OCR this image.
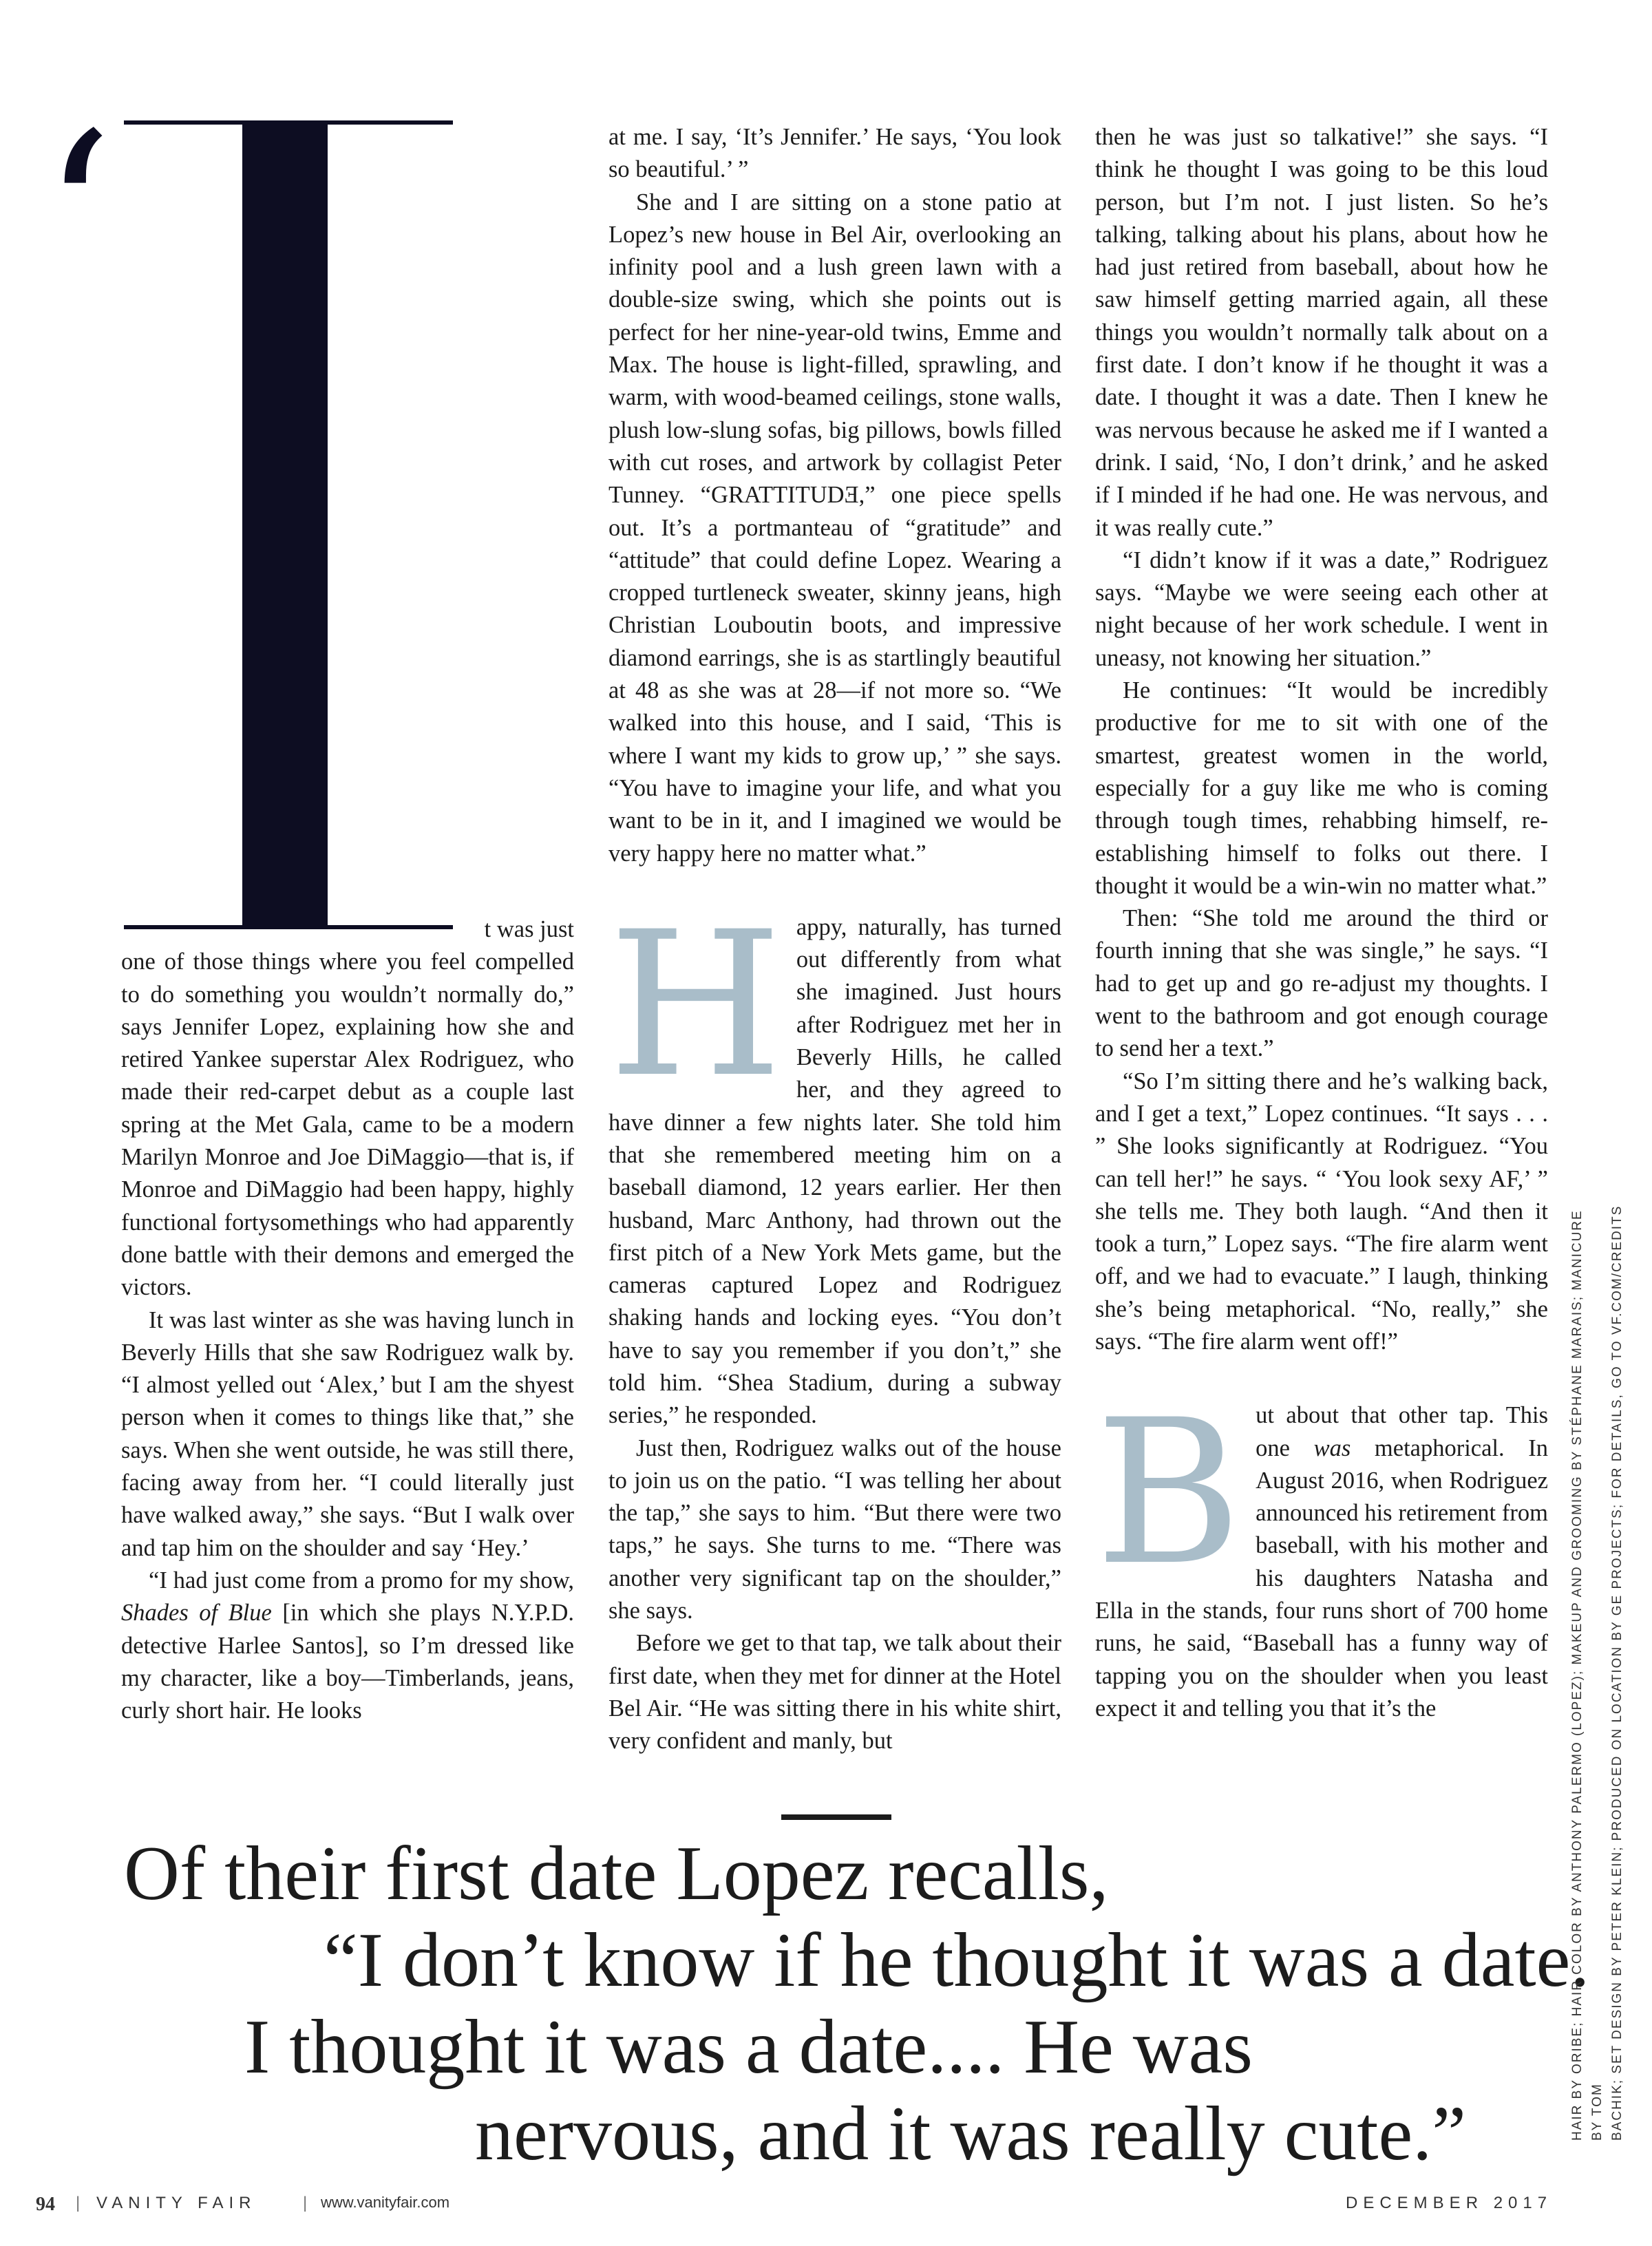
‘

t was just

one of those things where you feel compelled to do something you wouldn’t normally do,” says Jennifer Lopez, explaining how she and retired Yankee superstar Alex Rodriguez, who made their red-carpet debut as a couple last spring at the Met Gala, came to be a modern Marilyn Monroe and Joe DiMaggio—that is, if Monroe and DiMaggio had been happy, highly functional fortysomethings who had apparently done battle with their demons and emerged the victors.

It was last winter as she was having lunch in Beverly Hills that she saw Rodriguez walk by. “I almost yelled out ‘Alex,’ but I am the shyest person when it comes to things like that,” she says. When she went outside, he was still there, facing away from her. “I could literally just have walked away,” she says. “But I walk over and tap him on the shoulder and say ‘Hey.’

“I had just come from a promo for my show, Shades of Blue [in which she plays N.Y.P.D. detective Harlee Santos], so I’m dressed like my character, like a boy—Timberlands, jeans, curly short hair. He looks

at me. I say, ‘It’s Jennifer.’ He says, ‘You look so beautiful.’ ”

She and I are sitting on a stone patio at Lopez’s new house in Bel Air, overlooking an infinity pool and a lush green lawn with a double-size swing, which she points out is perfect for her nine-year-old twins, Emme and Max. The house is light-filled, sprawling, and warm, with wood-beamed ceilings, stone walls, plush low-slung sofas, big pillows, bowls filled with cut roses, and artwork by collagist Peter Tunney. “GRATTITUDƎ,” one piece spells out. It’s a portmanteau of “gratitude” and “attitude” that could define Lopez. Wearing a cropped turtleneck sweater, skinny jeans, high Christian Louboutin boots, and impressive diamond earrings, she is as startlingly beautiful at 48 as she was at 28—if not more so. “We walked into this house, and I said, ‘This is where I want my kids to grow up,’ ” she says. “You have to imagine your life, and what you want to be in it, and I imagined we would be very happy here no matter what.”

Happy, naturally, has turned out differently from what she imagined. Just hours after Rodriguez met her in Beverly Hills, he called her, and they agreed to have dinner a few nights later. She told him that she remembered meeting him on a baseball diamond, 12 years earlier. Her then husband, Marc Anthony, had thrown out the first pitch of a New York Mets game, but the cameras captured Lopez and Rodriguez shaking hands and locking eyes. “You don’t have to say you remember if you don’t,” she told him. “Shea Stadium, during a subway series,” he responded.

Just then, Rodriguez walks out of the house to join us on the patio. “I was telling her about the tap,” she says to him. “But there were two taps,” he says. She turns to me. “There was another very significant tap on the shoulder,” she says.

Before we get to that tap, we talk about their first date, when they met for dinner at the Hotel Bel Air. “He was sitting there in his white shirt, very confident and manly, but

then he was just so talkative!” she says. “I think he thought I was going to be this loud person, but I’m not. I just listen. So he’s talking, talking about his plans, about how he had just retired from baseball, about how he saw himself getting married again, all these things you wouldn’t normally talk about on a first date. I don’t know if he thought it was a date. I thought it was a date. Then I knew he was nervous because he asked me if I wanted a drink. I said, ‘No, I don’t drink,’ and he asked if I minded if he had one. He was nervous, and it was really cute.”

“I didn’t know if it was a date,” Rodriguez says. “Maybe we were seeing each other at night because of her work schedule. I went in uneasy, not knowing her situation.”

He continues: “It would be incredibly productive for me to sit with one of the smartest, greatest women in the world, especially for a guy like me who is coming through tough times, rehabbing himself, re-establishing himself to folks out there. I thought it would be a win-win no matter what.”

Then: “She told me around the third or fourth inning that she was single,” he says. “I had to get up and go re-adjust my thoughts. I went to the bathroom and got enough courage to send her a text.”

“So I’m sitting there and he’s walking back, and I get a text,” Lopez continues. “It says . . . ” She looks significantly at Rodriguez. “You can tell her!” he says. “ ‘You look sexy AF,’ ” she tells me. They both laugh. “And then it took a turn,” Lopez says. “The fire alarm went off, and we had to evacuate.” I laugh, thinking she’s being metaphorical. “No, really,” she says. “The fire alarm went off!”

But about that other tap. This one was metaphorical. In August 2016, when Rodriguez announced his retirement from baseball, with his mother and his daughters Natasha and Ella in the stands, four runs short of 700 home runs, he said, “Baseball has a funny way of tapping you on the shoulder when you least expect it and telling you that it’s the

Of their first date Lopez recalls,
“I don’t know if he thought it was a date.
I thought it was a date.... He was
nervous, and it was really cute.”	HAIR BY ORIBE; HAIR COLOR BY ANTHONY PALERMO (LOPEZ); MAKEUP AND GROOMING BY STÉPHANE MARAIS; MANICURE BY TOM BACHIK; SET DESIGN BY PETER KLEIN; PRODUCED ON LOCATION BY GE PROJECTS; FOR DETAILS, GO TO VF.COM/CREDITS
94 | VANITY FAIR	| www.vanityfair.com	DECEMBER 2017
